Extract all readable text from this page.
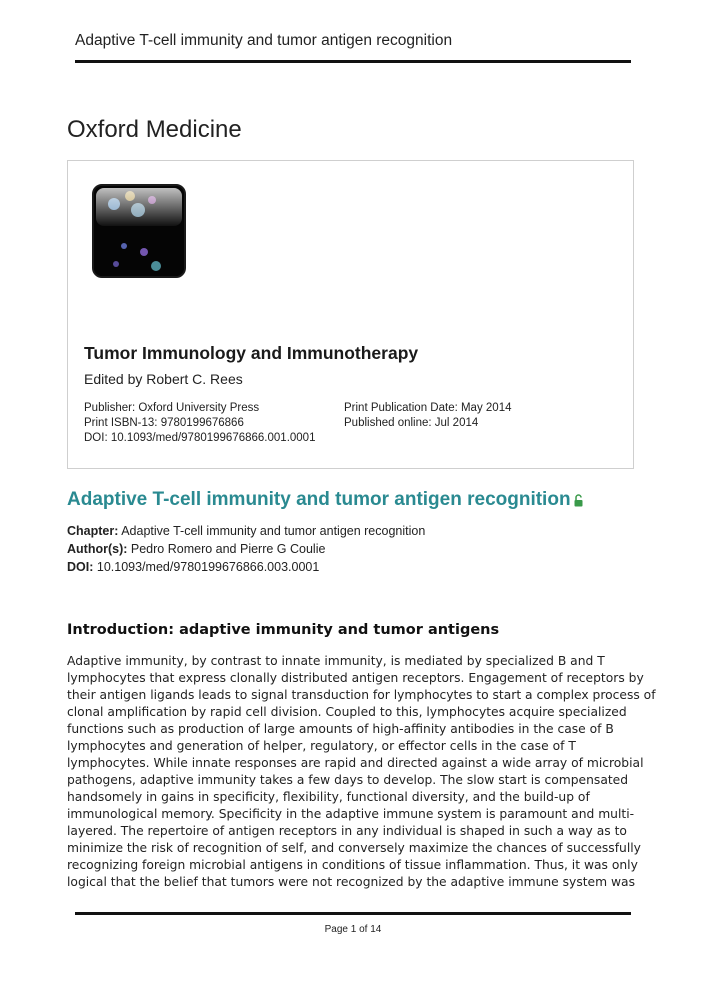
Adaptive T-cell immunity and tumor antigen recognition
Oxford Medicine
Tumor Immunology and Immunotherapy
Edited by Robert C. Rees
Publisher: Oxford University Press
Print ISBN-13: 9780199676866
DOI: 10.1093/med/9780199676866.001.0001
Print Publication Date: May 2014
Published online: Jul 2014
Adaptive T-cell immunity and tumor antigen recognition
Chapter: Adaptive T-cell immunity and tumor antigen recognition
Author(s): Pedro Romero and Pierre G Coulie
DOI: 10.1093/med/9780199676866.003.0001
Introduction: adaptive immunity and tumor antigens
Adaptive immunity, by contrast to innate immunity, is mediated by specialized B and T
lymphocytes that express clonally distributed antigen receptors. Engagement of receptors by
their antigen ligands leads to signal transduction for lymphocytes to start a complex process of
clonal amplification by rapid cell division. Coupled to this, lymphocytes acquire specialized
functions such as production of large amounts of high-affinity antibodies in the case of B
lymphocytes and generation of helper, regulatory, or effector cells in the case of T
lymphocytes. While innate responses are rapid and directed against a wide array of microbial
pathogens, adaptive immunity takes a few days to develop. The slow start is compensated
handsomely in gains in specificity, flexibility, functional diversity, and the build-up of
immunological memory. Specificity in the adaptive immune system is paramount and multi-
layered. The repertoire of antigen receptors in any individual is shaped in such a way as to
minimize the risk of recognition of self, and conversely maximize the chances of successfully
recognizing foreign microbial antigens in conditions of tissue inflammation. Thus, it was only
logical that the belief that tumors were not recognized by the adaptive immune system was
Page 1 of 14
